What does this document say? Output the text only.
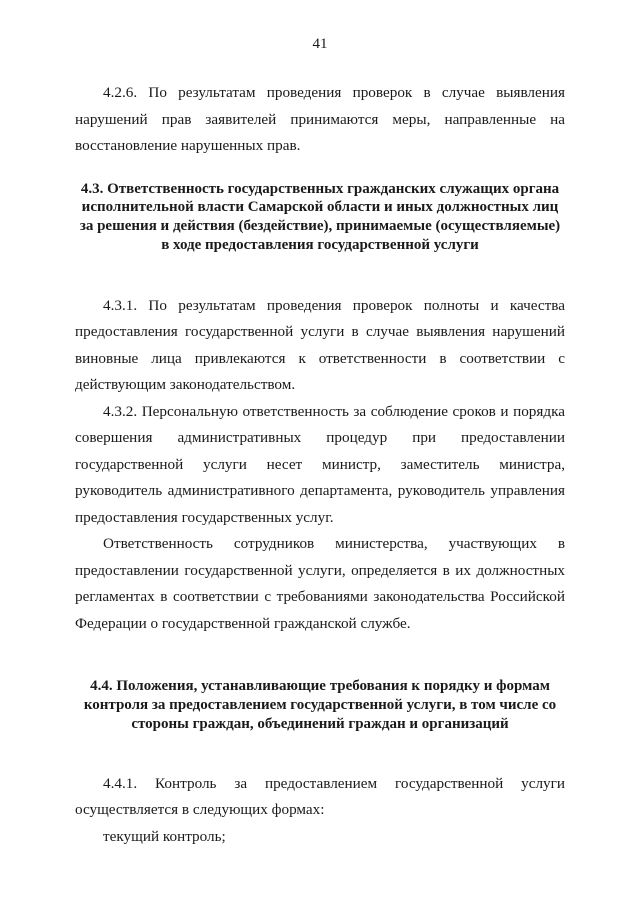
41

4.2.6. По результатам проведения проверок в случае выявления нарушений прав заявителей принимаются меры, направленные на восстановление нарушенных прав.

4.3. Ответственность государственных гражданских служащих органа исполнительной власти Самарской области и иных должностных лиц за решения и действия (бездействие), принимаемые (осуществляемые) в ходе предоставления государственной услуги

4.3.1. По результатам проведения проверок полноты и качества предоставления государственной услуги в случае выявления нарушений виновные лица привлекаются к ответственности в соответствии с действующим законодательством.

4.3.2. Персональную ответственность за соблюдение сроков и порядка совершения административных процедур при предоставлении государственной услуги несет министр, заместитель министра, руководитель административного департамента, руководитель управления предоставления государственных услуг.

Ответственность сотрудников министерства, участвующих в предоставлении государственной услуги, определяется в их должностных регламентах в соответствии с требованиями законодательства Российской Федерации о государственной гражданской службе.

4.4. Положения, устанавливающие требования к порядку и формам контроля за предоставлением государственной услуги, в том числе со стороны граждан, объединений граждан и организаций

4.4.1. Контроль за предоставлением государственной услуги осуществляется в следующих формах:

текущий контроль;
